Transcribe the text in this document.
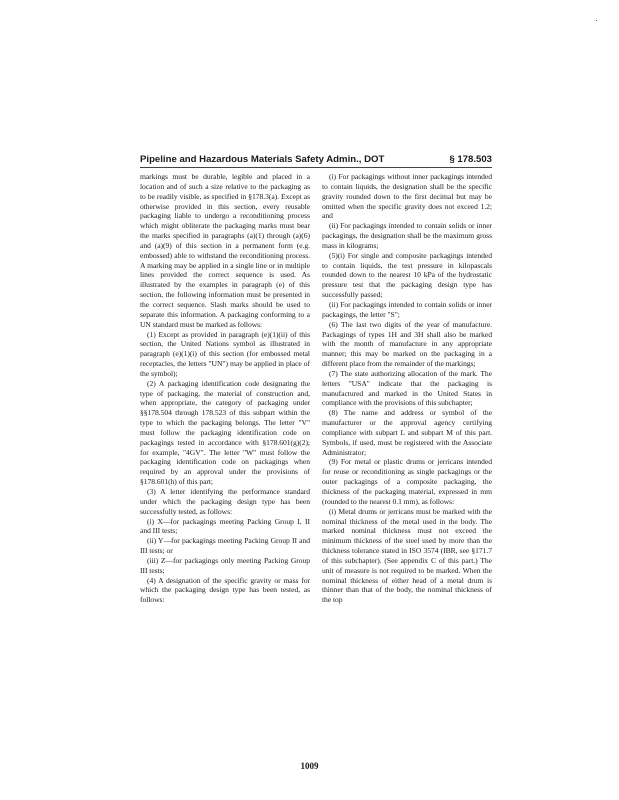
Pipeline and Hazardous Materials Safety Admin., DOT	§ 178.503

markings must be durable, legible and placed in a location and of such a size relative to the packaging as to be readily visible, as specified in §178.3(a). Except as otherwise provided in this section, every reusable packaging liable to undergo a reconditioning process which might obliterate the packaging marks must bear the marks specified in paragraphs (a)(1) through (a)(6) and (a)(9) of this section in a permanent form (e.g. embossed) able to withstand the reconditioning process. A marking may be applied in a single line or in multiple lines provided the correct sequence is used. As illustrated by the examples in paragraph (e) of this section, the following information must be presented in the correct sequence. Slash marks should be used to separate this information. A packaging conforming to a UN standard must be marked as follows:

(1) Except as provided in paragraph (e)(1)(ii) of this section, the United Nations symbol as illustrated in paragraph (e)(1)(i) of this section (for embossed metal receptacles, the letters "UN") may be applied in place of the symbol);

(2) A packaging identification code designating the type of packaging, the material of construction and, when appropriate, the category of packaging under §§178.504 through 178.523 of this subpart within the type to which the packaging belongs. The letter "V" must follow the packaging identification code on packagings tested in accordance with §178.601(g)(2); for example, "4GV". The letter "W" must follow the packaging identification code on packagings when required by an approval under the provisions of §178.601(h) of this part;

(3) A letter identifying the performance standard under which the packaging design type has been successfully tested, as follows:

(i) X—for packagings meeting Packing Group I, II and III tests;

(ii) Y—for packagings meeting Packing Group II and III tests; or

(iii) Z—for packagings only meeting Packing Group III tests;

(4) A designation of the specific gravity or mass for which the packaging design type has been tested, as follows:

(i) For packagings without inner packagings intended to contain liquids, the designation shall be the specific gravity rounded down to the first decimal but may be omitted when the specific gravity does not exceed 1.2; and

(ii) For packagings intended to contain solids or inner packagings, the designation shall be the maximum gross mass in kilograms;

(5)(i) For single and composite packagings intended to contain liquids, the test pressure in kilopascals rounded down to the nearest 10 kPa of the hydrostatic pressure test that the packaging design type has successfully passed;

(ii) For packagings intended to contain solids or inner packagings, the letter "S";

(6) The last two digits of the year of manufacture. Packagings of types 1H and 3H shall also be marked with the month of manufacture in any appropriate manner; this may be marked on the packaging in a different place from the remainder of the markings;

(7) The state authorizing allocation of the mark. The letters "USA" indicate that the packaging is manufactured and marked in the United States in compliance with the provisions of this subchapter;

(8) The name and address or symbol of the manufacturer or the approval agency certifying compliance with subpart L and subpart M of this part. Symbols, if used, must be registered with the Associate Administrator;

(9) For metal or plastic drums or jerricans intended for reuse or reconditioning as single packagings or the outer packagings of a composite packaging, the thickness of the packaging material, expressed in mm (rounded to the nearest 0.1 mm), as follows:

(i) Metal drums or jerricans must be marked with the nominal thickness of the metal used in the body. The marked nominal thickness must not exceed the minimum thickness of the steel used by more than the thickness tolerance stated in ISO 3574 (IBR, see §171.7 of this subchapter). (See appendix C of this part.) The unit of measure is not required to be marked. When the nominal thickness of either head of a metal drum is thinner than that of the body, the nominal thickness of the top

1009
